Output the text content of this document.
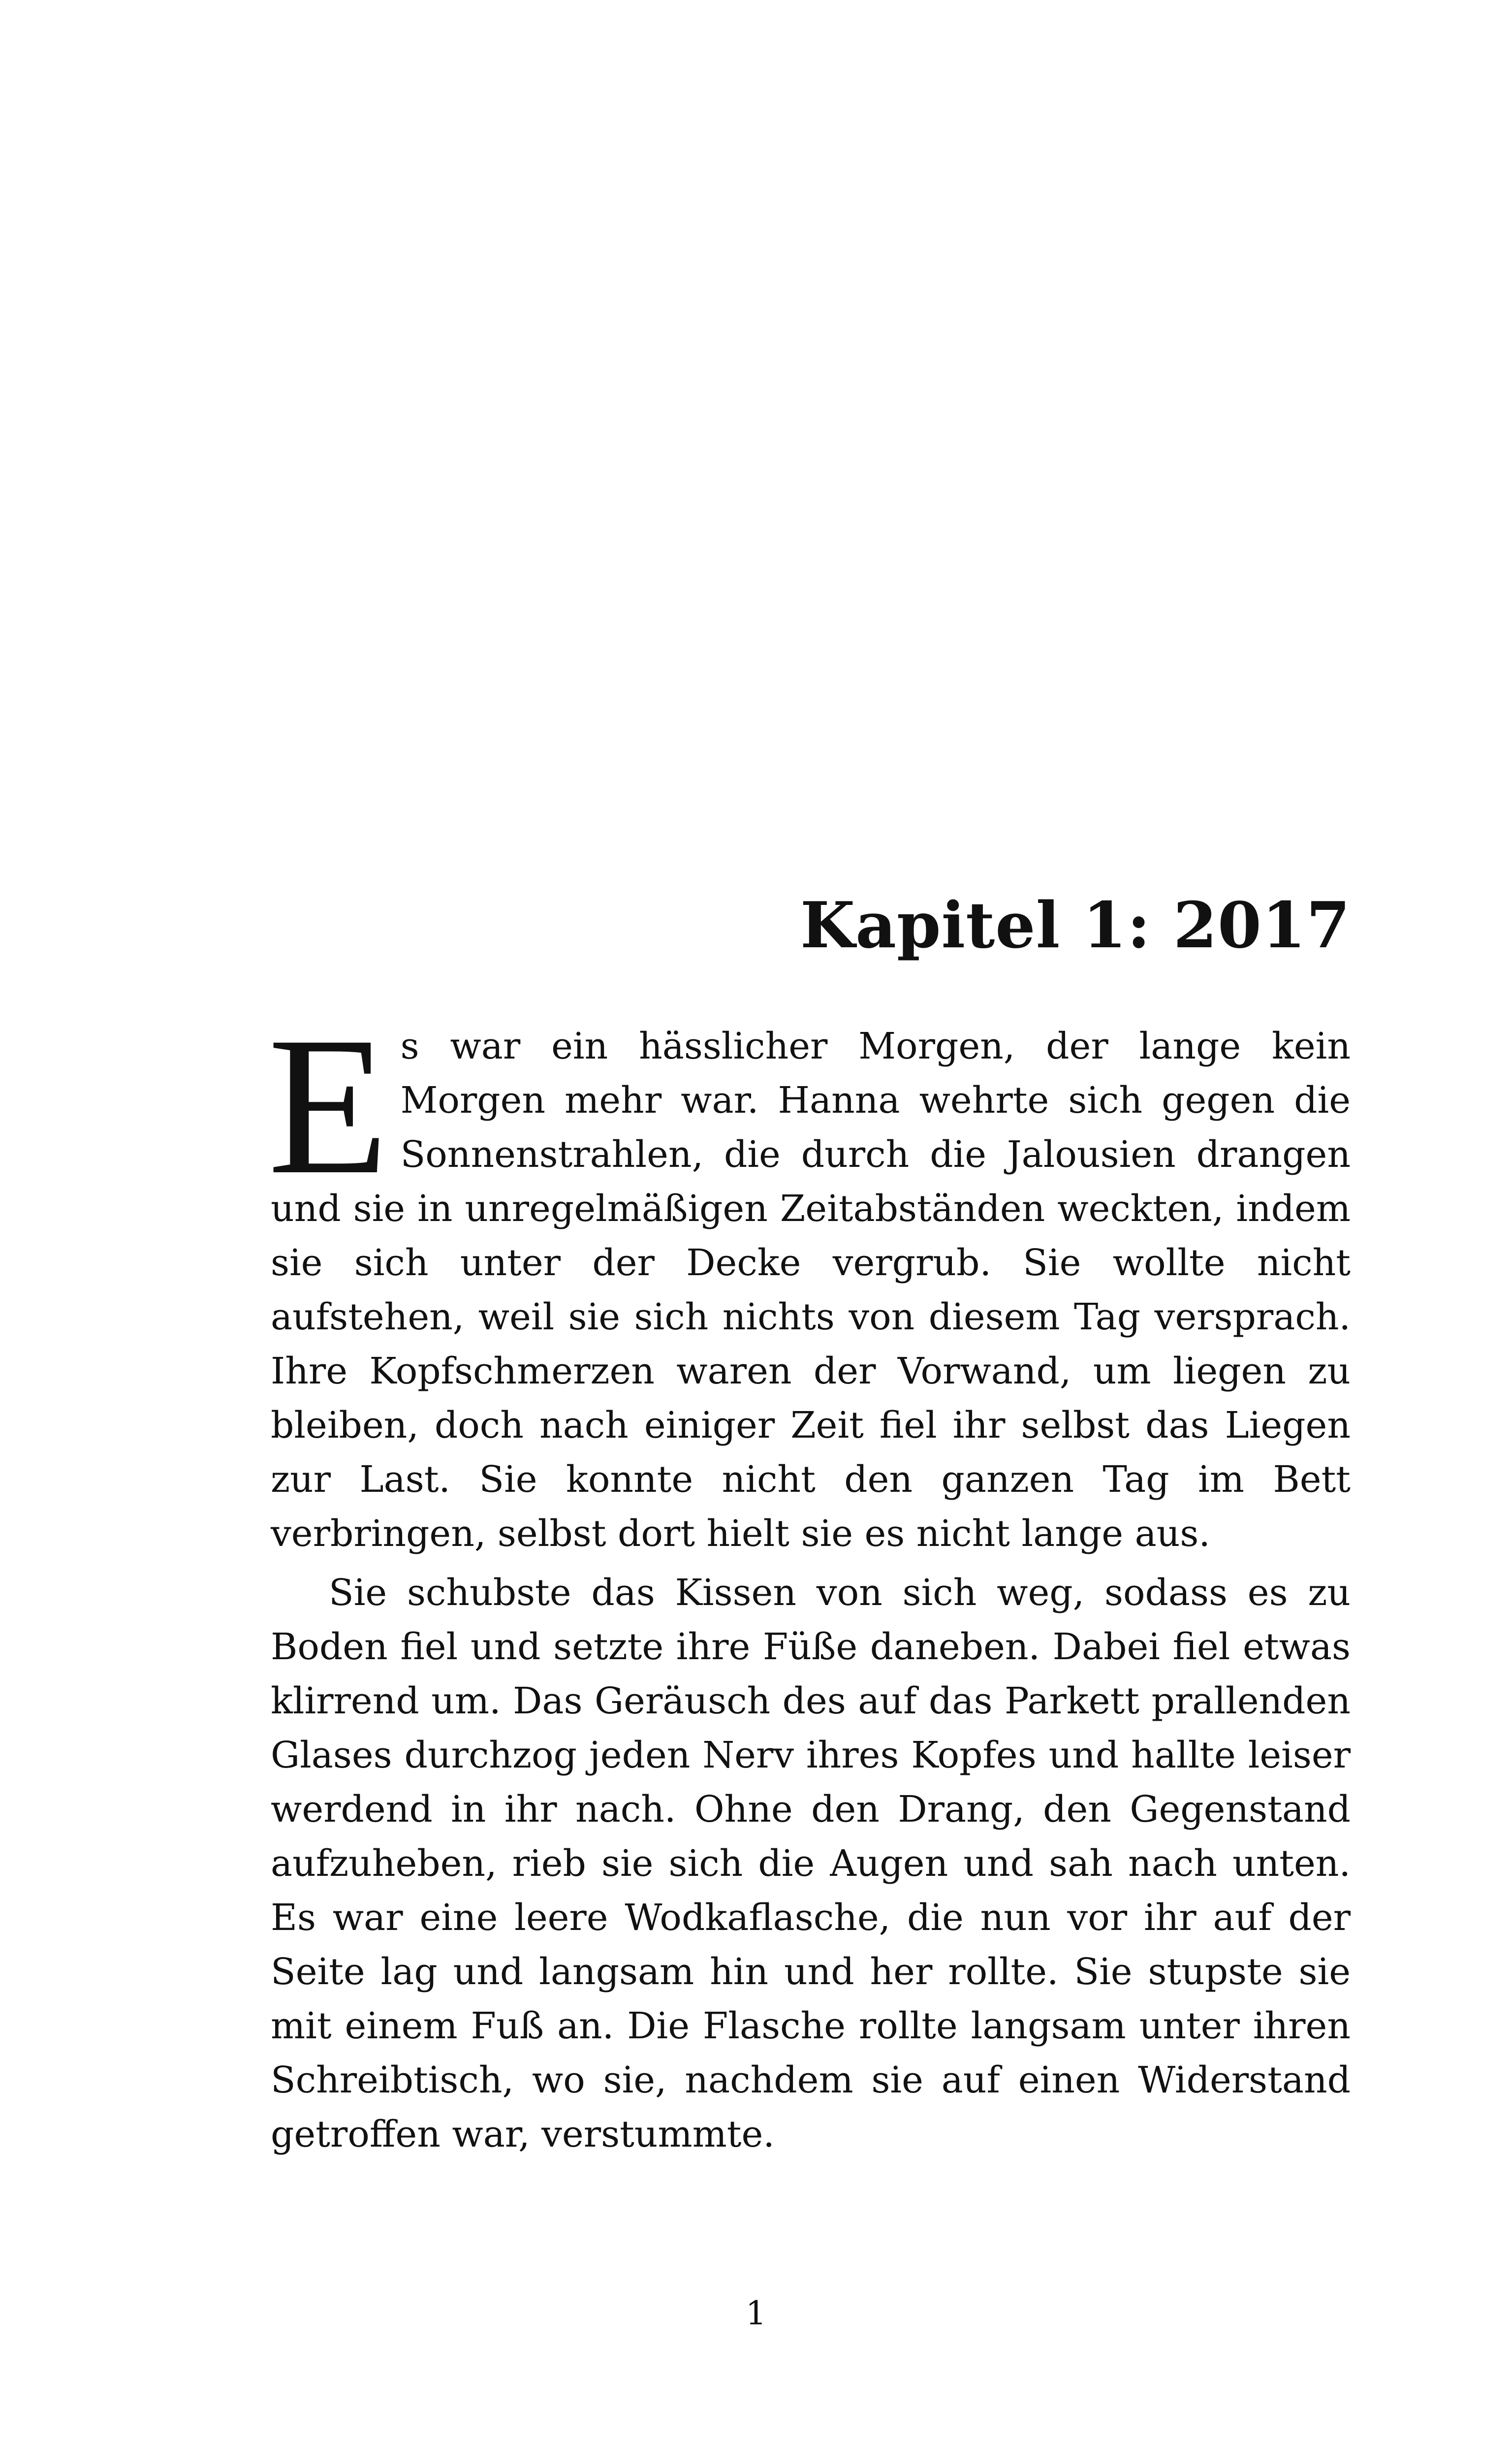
Kapitel 1: 2017

Es war ein hässlicher Morgen, der lange kein Morgen mehr war. Hanna wehrte sich gegen die Sonnenstrahlen, die durch die Jalousien drangen und sie in unregelmäßigen Zeitabständen weckten, indem sie sich unter der Decke vergrub. Sie wollte nicht aufstehen, weil sie sich nichts von diesem Tag versprach. Ihre Kopfschmerzen waren der Vorwand, um liegen zu bleiben, doch nach einiger Zeit fiel ihr selbst das Liegen zur Last. Sie konnte nicht den ganzen Tag im Bett verbringen, selbst dort hielt sie es nicht lange aus.

Sie schubste das Kissen von sich weg, sodass es zu Boden fiel und setzte ihre Füße daneben. Dabei fiel etwas klirrend um. Das Geräusch des auf das Parkett prallenden Glases durchzog jeden Nerv ihres Kopfes und hallte leiser werdend in ihr nach. Ohne den Drang, den Gegenstand aufzuheben, rieb sie sich die Augen und sah nach unten. Es war eine leere Wodkaflasche, die nun vor ihr auf der Seite lag und langsam hin und her rollte. Sie stupste sie mit einem Fuß an. Die Flasche rollte langsam unter ihren Schreibtisch, wo sie, nachdem sie auf einen Widerstand getroffen war, verstummte.

1
